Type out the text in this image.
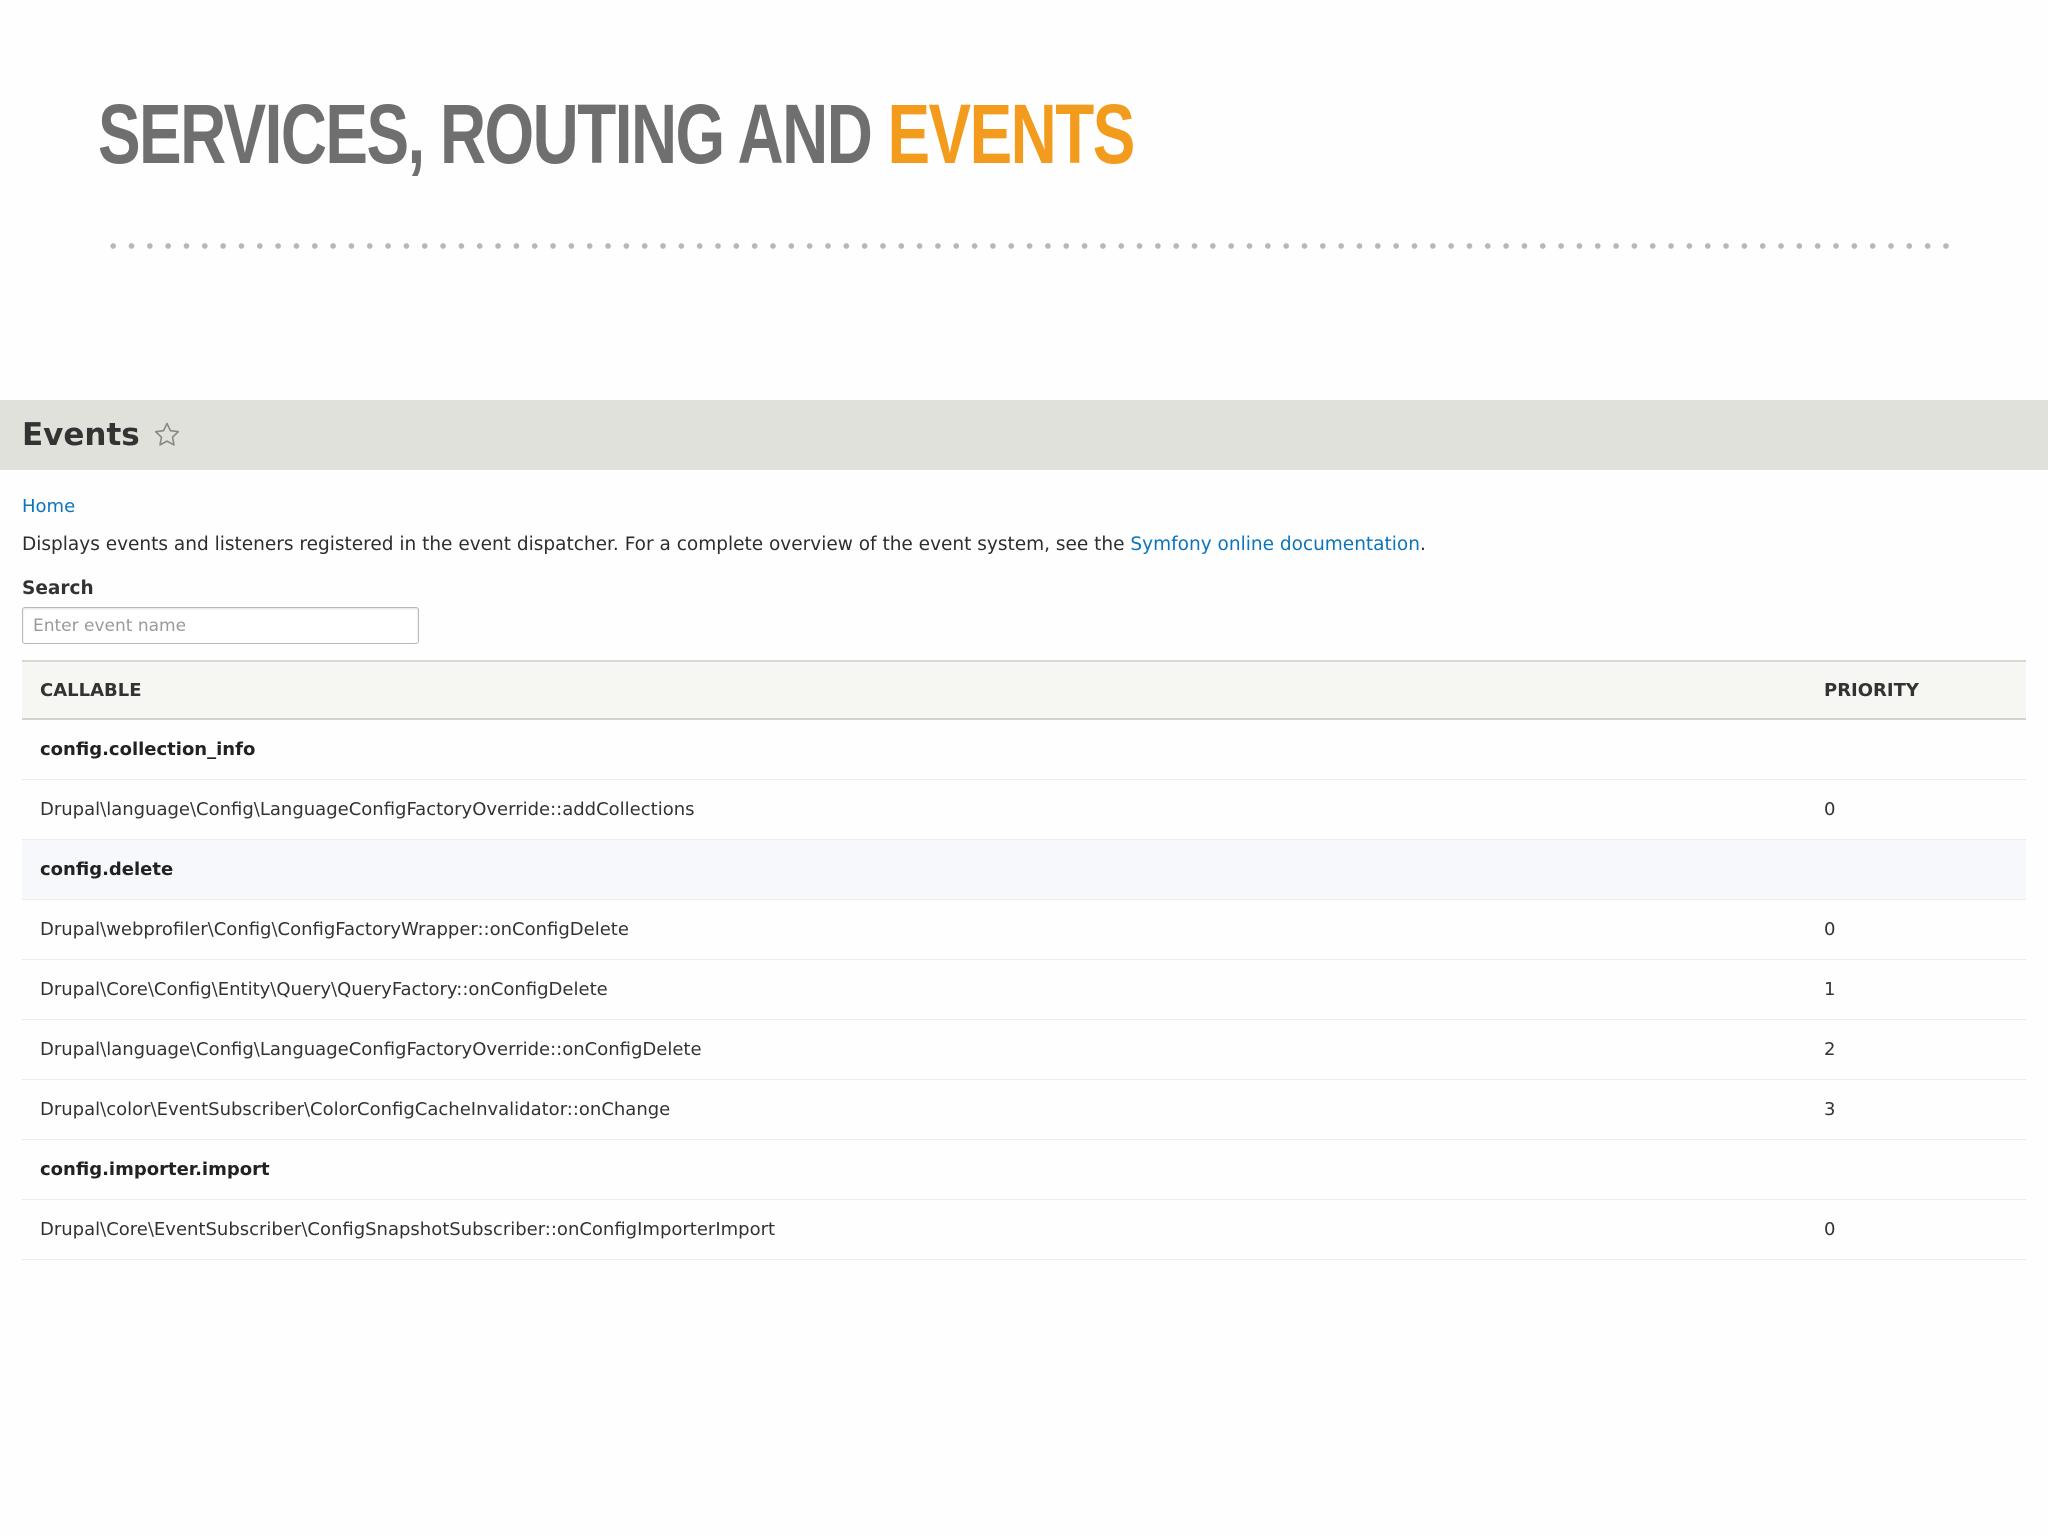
SERVICES, ROUTING AND EVENTS
Events
Home
Displays events and listeners registered in the event dispatcher. For a complete overview of the event system, see the Symfony online documentation.
Search
Enter event name
CALLABLE	PRIORITY
config.collection_info	
Drupal\language\Config\LanguageConfigFactoryOverride::addCollections	0
config.delete	
Drupal\webprofiler\Config\ConfigFactoryWrapper::onConfigDelete	0
Drupal\Core\Config\Entity\Query\QueryFactory::onConfigDelete	1
Drupal\language\Config\LanguageConfigFactoryOverride::onConfigDelete	2
Drupal\color\EventSubscriber\ColorConfigCacheInvalidator::onChange	3
config.importer.import	
Drupal\Core\EventSubscriber\ConfigSnapshotSubscriber::onConfigImporterImport	0
